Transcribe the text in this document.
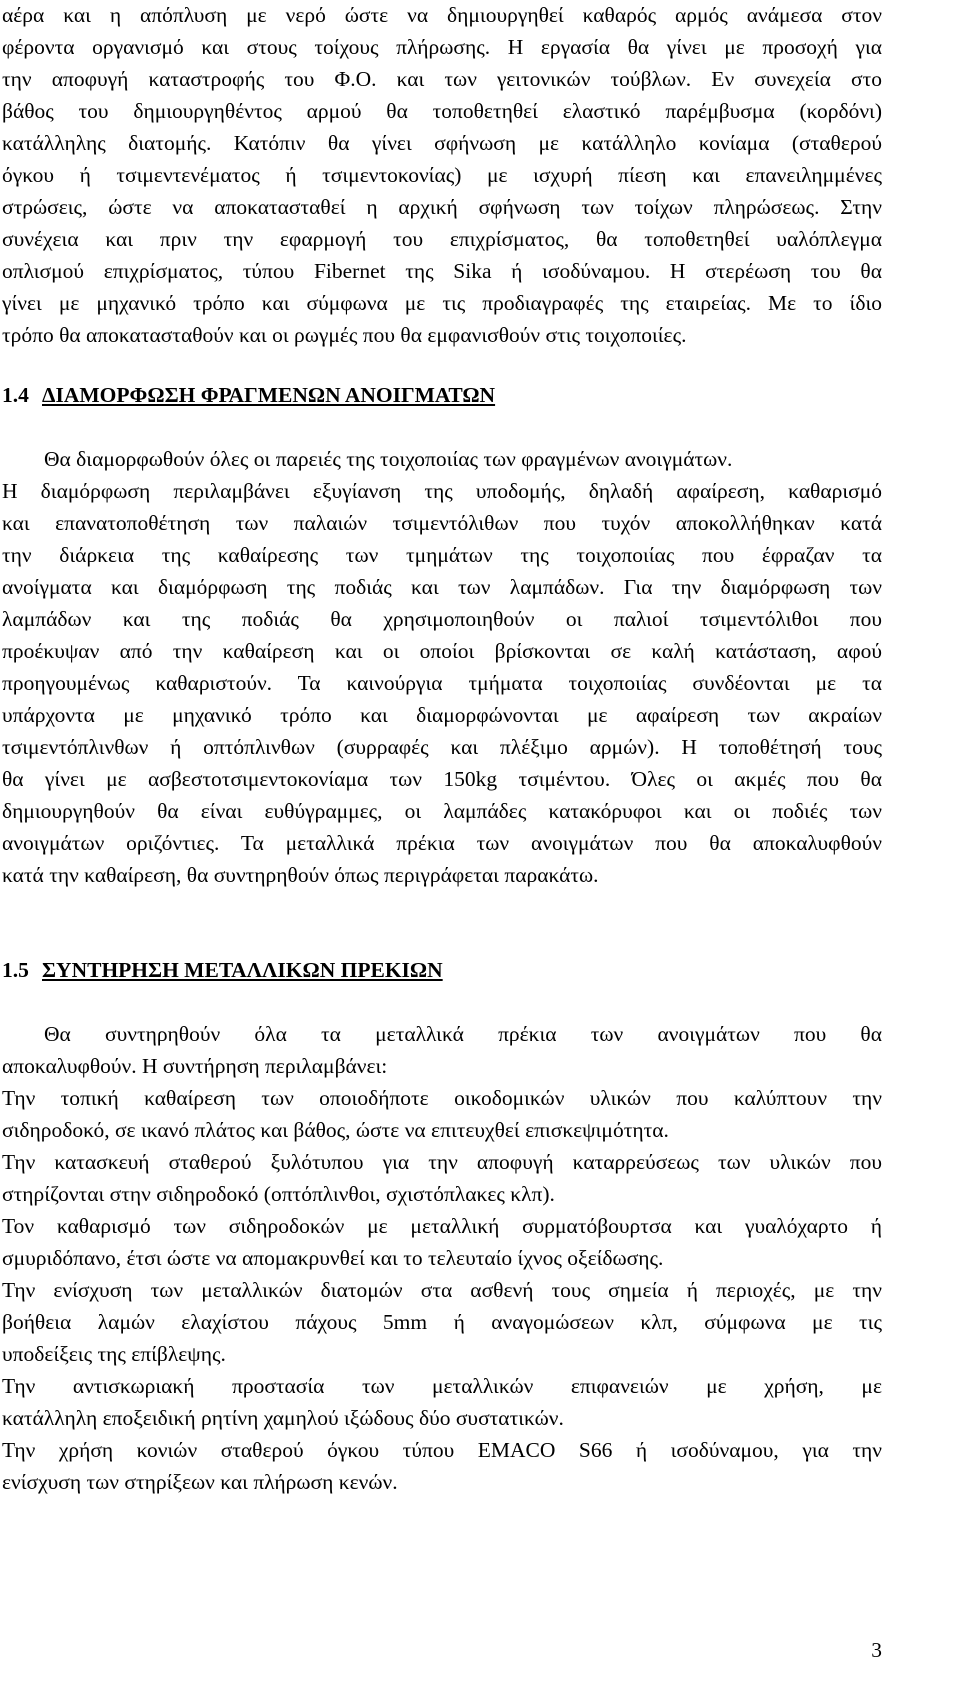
αέρα και η απόπλυση με νερό ώστε να δημιουργηθεί καθαρός αρμός ανάμεσα στον
φέροντα οργανισμό και στους τοίχους πλήρωσης. Η εργασία θα γίνει με προσοχή για
την αποφυγή καταστροφής του Φ.Ο. και των γειτονικών τούβλων. Εν συνεχεία στο
βάθος του δημιουργηθέντος αρμού θα τοποθετηθεί ελαστικό παρέμβυσμα (κορδόνι)
κατάλληλης διατομής. Κατόπιν θα γίνει σφήνωση με κατάλληλο κονίαμα (σταθερού
όγκου ή τσιμεντενέματος ή τσιμεντοκονίας) με ισχυρή πίεση και επανειλημμένες
στρώσεις, ώστε να αποκατασταθεί η αρχική σφήνωση των τοίχων πληρώσεως. Στην
συνέχεια και πριν την εφαρμογή του επιχρίσματος, θα τοποθετηθεί υαλόπλεγμα
οπλισμού επιχρίσματος, τύπου Fibernet της Sika ή ισοδύναμου. Η στερέωση του θα
γίνει με μηχανικό τρόπο και σύμφωνα με τις προδιαγραφές της εταιρείας. Με το ίδιο
τρόπο θα αποκατασταθούν και οι ρωγμές που θα εμφανισθούν στις τοιχοποιίες.
1.4 ΔΙΑΜΟΡΦΩΣΗ ΦΡΑΓΜΕΝΩΝ ΑΝΟΙΓΜΑΤΩΝ
Θα διαμορφωθούν όλες οι παρειές της τοιχοποιίας των φραγμένων ανοιγμάτων.
Η διαμόρφωση περιλαμβάνει εξυγίανση της υποδομής, δηλαδή αφαίρεση, καθαρισμό
και επανατοποθέτηση των παλαιών τσιμεντόλιθων που τυχόν αποκολλήθηκαν κατά
την διάρκεια της καθαίρεσης των τμημάτων της τοιχοποιίας που έφραζαν τα
ανοίγματα και διαμόρφωση της ποδιάς και των λαμπάδων. Για την διαμόρφωση των
λαμπάδων και της ποδιάς θα χρησιμοποιηθούν οι παλιοί τσιμεντόλιθοι που
προέκυψαν από την καθαίρεση και οι οποίοι βρίσκονται σε καλή κατάσταση, αφού
προηγουμένως καθαριστούν. Τα καινούργια τμήματα τοιχοποιίας συνδέονται με τα
υπάρχοντα με μηχανικό τρόπο και διαμορφώνονται με αφαίρεση των ακραίων
τσιμεντόπλινθων ή οπτόπλινθων (συρραφές και πλέξιμο αρμών). Η τοποθέτησή τους
θα γίνει με ασβεστοτσιμεντοκονίαμα των 150kg τσιμέντου. Όλες οι ακμές που θα
δημιουργηθούν θα είναι ευθύγραμμες, οι λαμπάδες κατακόρυφοι και οι ποδιές των
ανοιγμάτων οριζόντιες. Τα μεταλλικά πρέκια των ανοιγμάτων που θα αποκαλυφθούν
κατά την καθαίρεση, θα συντηρηθούν όπως περιγράφεται παρακάτω.
1.5 ΣΥΝΤΗΡΗΣΗ ΜΕΤΑΛΛΙΚΩΝ ΠΡΕΚΙΩΝ
Θα συντηρηθούν όλα τα μεταλλικά πρέκια των ανοιγμάτων που θα
αποκαλυφθούν. Η συντήρηση περιλαμβάνει:
Την τοπική καθαίρεση των οποιοδήποτε οικοδομικών υλικών που καλύπτουν την
σιδηροδοκό, σε ικανό πλάτος και βάθος, ώστε να επιτευχθεί επισκεψιμότητα.
Την κατασκευή σταθερού ξυλότυπου για την αποφυγή καταρρεύσεως των υλικών που
στηρίζονται στην σιδηροδοκό (οπτόπλινθοι, σχιστόπλακες κλπ).
Τον καθαρισμό των σιδηροδοκών με μεταλλική συρματόβουρτσα και γυαλόχαρτο ή
σμυριδόπανο, έτσι ώστε να απομακρυνθεί και το τελευταίο ίχνος οξείδωσης.
Την ενίσχυση των μεταλλικών διατομών στα ασθενή τους σημεία ή περιοχές, με την
βοήθεια λαμών ελαχίστου πάχους 5mm ή αναγομώσεων κλπ, σύμφωνα με τις
υποδείξεις της επίβλεψης.
Την αντισκωριακή προστασία των μεταλλικών επιφανειών με χρήση, με
κατάλληλη εποξειδική ρητίνη χαμηλού ιξώδους δύο συστατικών.
Την χρήση κονιών σταθερού όγκου τύπου EMACO S66 ή ισοδύναμου, για την
ενίσχυση των στηρίξεων και πλήρωση κενών.
3
